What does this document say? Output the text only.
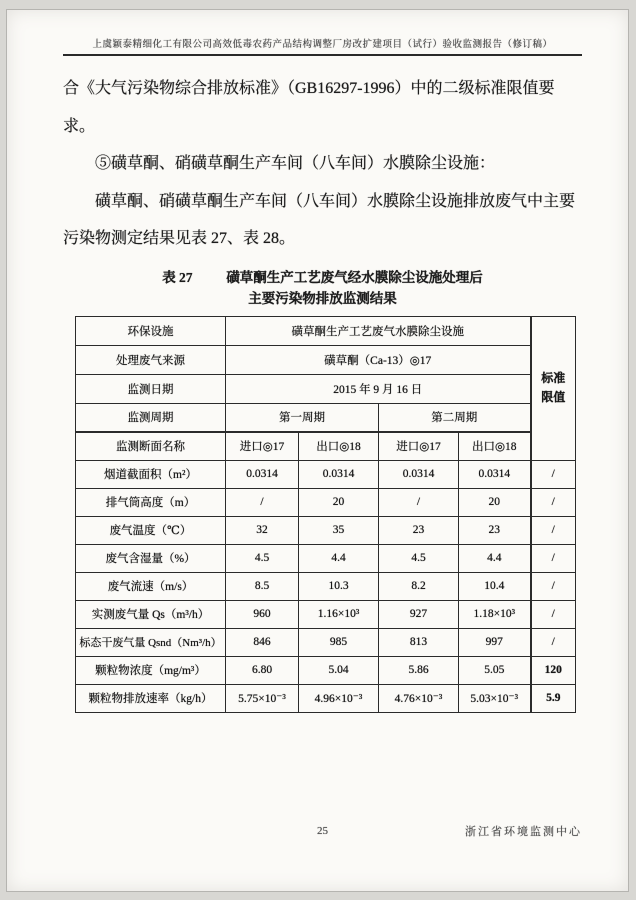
上虞颖泰精细化工有限公司高效低毒农药产品结构调整厂房改扩建项目（试行）验收监测报告（修订稿）

合《大气污染物综合排放标准》（GB16297-1996）中的二级标准限值要求。

⑤磺草酮、硝磺草酮生产车间（八车间）水膜除尘设施：

磺草酮、硝磺草酮生产车间（八车间）水膜除尘设施排放废气中主要污染物测定结果见表 27、表 28。

表 27	磺草酮生产工艺废气经水膜除尘设施处理后
主要污染物排放监测结果
环保设施	磺草酮生产工艺废气水膜除尘设施				标准
限值

处理废气来源	磺草酮（Ca-13）◎17				
监测日期	2015 年 9 月 16 日				
监测周期	第一周期		第二周期		
监测断面名称	进口◎17	出口◎18	进口◎17	出口◎18	
烟道截面积（m²）	0.0314	0.0314	0.0314	0.0314	/
排气筒高度（m）	/	20	/	20	/
废气温度（℃）	32	35	23	23	/
废气含湿量（%）	4.5	4.4	4.5	4.4	/
废气流速（m/s）	8.5	10.3	8.2	10.4	/
实测废气量 Qs（m³/h）	960	1.16×10³	927	1.18×10³	/
标态干废气量 Qsnd（Nm³/h）	846	985	813	997	/
颗粒物浓度（mg/m³）	6.80	5.04	5.86	5.05	120
颗粒物排放速率（kg/h）	5.75×10⁻³	4.96×10⁻³	4.76×10⁻³	5.03×10⁻³	5.9
25	浙江省环境监测中心
